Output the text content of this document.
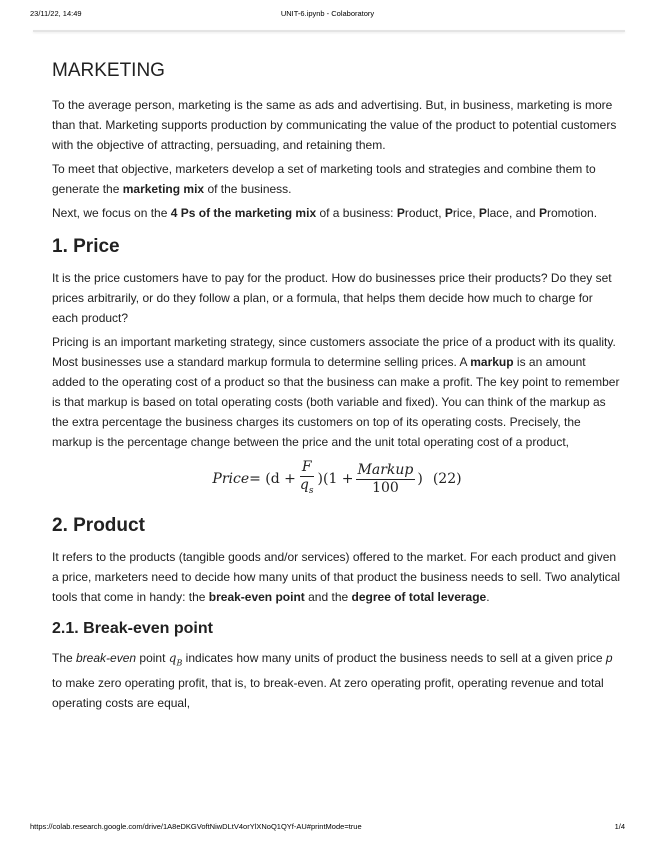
23/11/22, 14:49	UNIT-6.ipynb - Colaboratory
MARKETING

To the average person, marketing is the same as ads and advertising. But, in business, marketing is more than that. Marketing supports production by communicating the value of the product to potential customers with the objective of attracting, persuading, and retaining them.

To meet that objective, marketers develop a set of marketing tools and strategies and combine them to generate the marketing mix of the business.

Next, we focus on the 4 Ps of the marketing mix of a business: Product, Price, Place, and Promotion.

1. Price

It is the price customers have to pay for the product. How do businesses price their products? Do they set prices arbitrarily, or do they follow a plan, or a formula, that helps them decide how much to charge for each product?

Pricing is an important marketing strategy, since customers associate the price of a product with its quality. Most businesses use a standard markup formula to determine selling prices. A markup is an amount added to the operating cost of a product so that the business can make a profit. The key point to remember is that markup is based on total operating costs (both variable and fixed). You can think of the markup as the extra percentage the business charges its customers on top of its operating costs. Precisely, the markup is the percentage change between the price and the unit total operating cost of a product,

Price = $(d + \frac{F}{q_s} )(1 + \frac{\text{Markup}}{100}$ ) (22)
2. Product

It refers to the products (tangible goods and/or services) offered to the market. For each product and given a price, marketers need to decide how many units of that product the business needs to sell. Two analytical tools that come in handy: the break-even point and the degree of total leverage.

2.1. Break-even point

The break-even point $q_B$ indicates how many units of product the business needs to sell at a given price p to make zero operating profit, that is, to break-even. At zero operating profit, operating revenue and total operating costs are equal,

https://colab.research.google.com/drive/1A8eDKGVoftNiwDLtV4orYlXNoQ1QYf-AU#printMode=true	1/4
